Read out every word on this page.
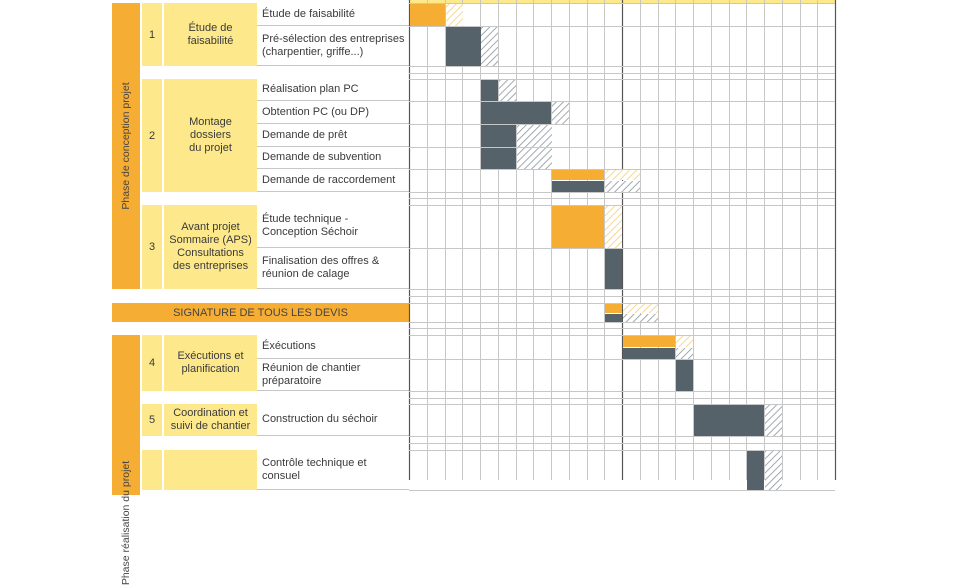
Phase de conception projet
Phase réalisation du projet
1
Étude de
faisabilité
2
Montage
dossiers
du projet
3
Avant projet
Sommaire (APS)
Consultations
des entreprises
SIGNATURE DE TOUS LES DEVIS
4
Exécutions et
planification
5
Coordination et
suivi de chantier
Étude de faisabilité
Pré-sélection des entreprises
(charpentier, griffe...)
Réalisation plan PC
Obtention PC (ou DP)
Demande de prêt
Demande de subvention
Demande de raccordement
Étude technique -
Conception Séchoir
Finalisation des offres &
réunion de calage
Éxécutions
Réunion de chantier
préparatoire
Construction du séchoir
Contrôle technique et
consuel
